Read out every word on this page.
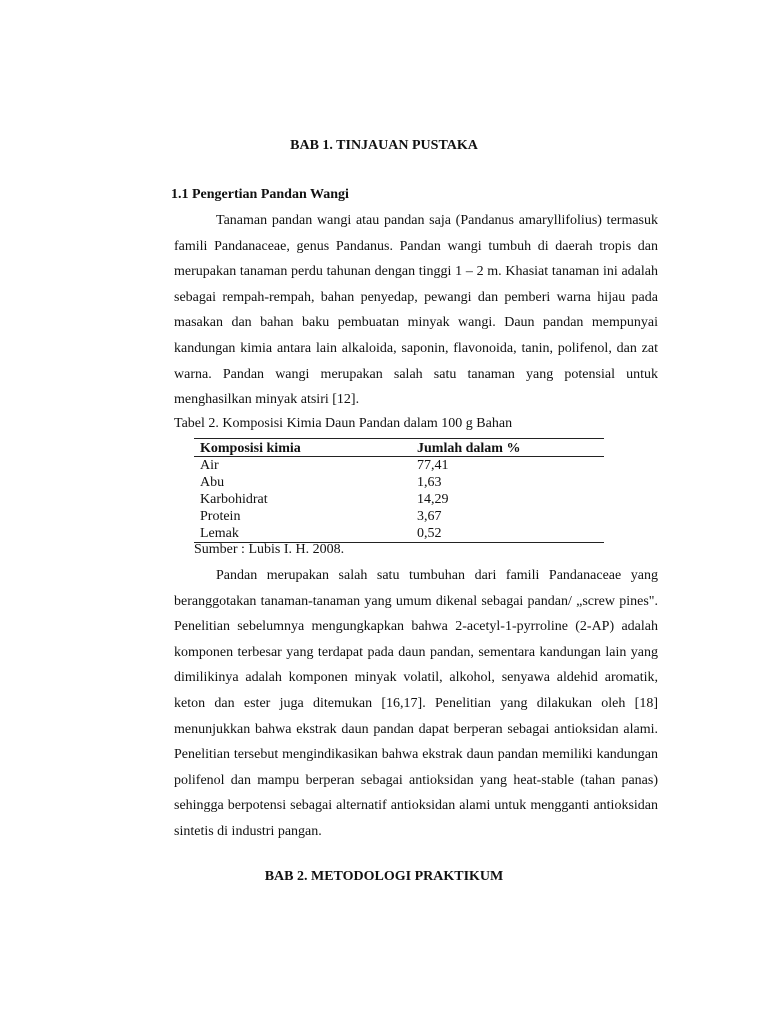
BAB 1. TINJAUAN PUSTAKA
1.1 Pengertian Pandan Wangi

Tanaman pandan wangi atau pandan saja (Pandanus amaryllifolius) termasuk famili Pandanaceae, genus Pandanus. Pandan wangi tumbuh di daerah tropis dan merupakan tanaman perdu tahunan dengan tinggi 1 – 2 m. Khasiat tanaman ini adalah sebagai rempah-rempah, bahan penyedap, pewangi dan pemberi warna hijau pada masakan dan bahan baku pembuatan minyak wangi. Daun pandan mempunyai kandungan kimia antara lain alkaloida, saponin, flavonoida, tanin, polifenol, dan zat warna. Pandan wangi merupakan salah satu tanaman yang potensial untuk menghasilkan minyak atsiri [12].

Tabel 2. Komposisi Kimia Daun Pandan dalam 100 g Bahan
Komposisi kimia	Jumlah dalam %
Air	77,41
Abu	1,63
Karbohidrat	14,29
Protein	3,67
Lemak	0,52
Sumber : Lubis I. H. 2008.

Pandan merupakan salah satu tumbuhan dari famili Pandanaceae yang beranggotakan tanaman-tanaman yang umum dikenal sebagai pandan/ „screw pines". Penelitian sebelumnya mengungkapkan bahwa 2-acetyl-1-pyrroline (2-AP) adalah komponen terbesar yang terdapat pada daun pandan, sementara kandungan lain yang dimilikinya adalah komponen minyak volatil, alkohol, senyawa aldehid aromatik, keton dan ester juga ditemukan [16,17]. Penelitian yang dilakukan oleh [18] menunjukkan bahwa ekstrak daun pandan dapat berperan sebagai antioksidan alami. Penelitian tersebut mengindikasikan bahwa ekstrak daun pandan memiliki kandungan polifenol dan mampu berperan sebagai antioksidan yang heat-stable (tahan panas) sehingga berpotensi sebagai alternatif antioksidan alami untuk mengganti antioksidan sintetis di industri pangan.

BAB 2. METODOLOGI PRAKTIKUM
